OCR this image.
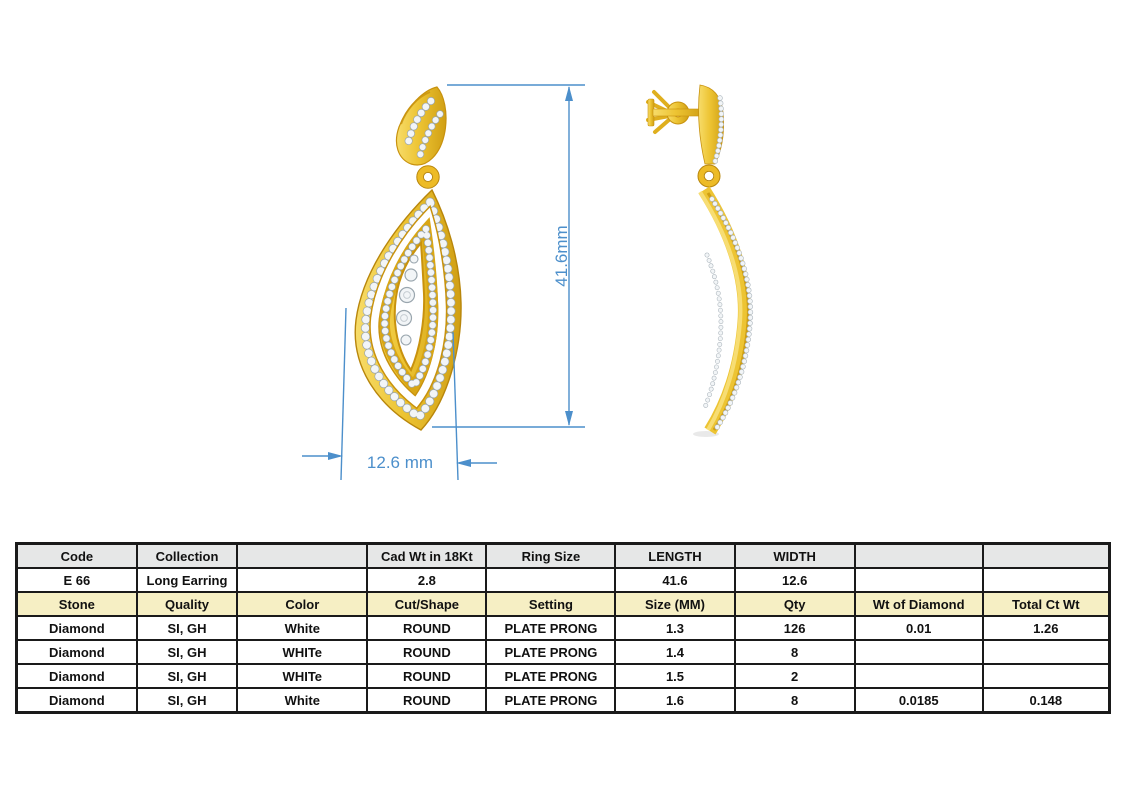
41.6mm
12.6 mm
Code	Collection		Cad Wt in 18Kt	Ring Size	LENGTH	WIDTH		
E 66	Long Earring		2.8		41.6	12.6		
Stone	Quality	Color	Cut/Shape	Setting	Size (MM)	Qty	Wt of Diamond	Total Ct Wt
Diamond	SI, GH	White	ROUND	PLATE PRONG	1.3	126	0.01	1.26
Diamond	SI, GH	WHITe	ROUND	PLATE PRONG	1.4	8		
Diamond	SI, GH	WHITe	ROUND	PLATE PRONG	1.5	2		
Diamond	SI, GH	White	ROUND	PLATE PRONG	1.6	8	0.0185	0.148
